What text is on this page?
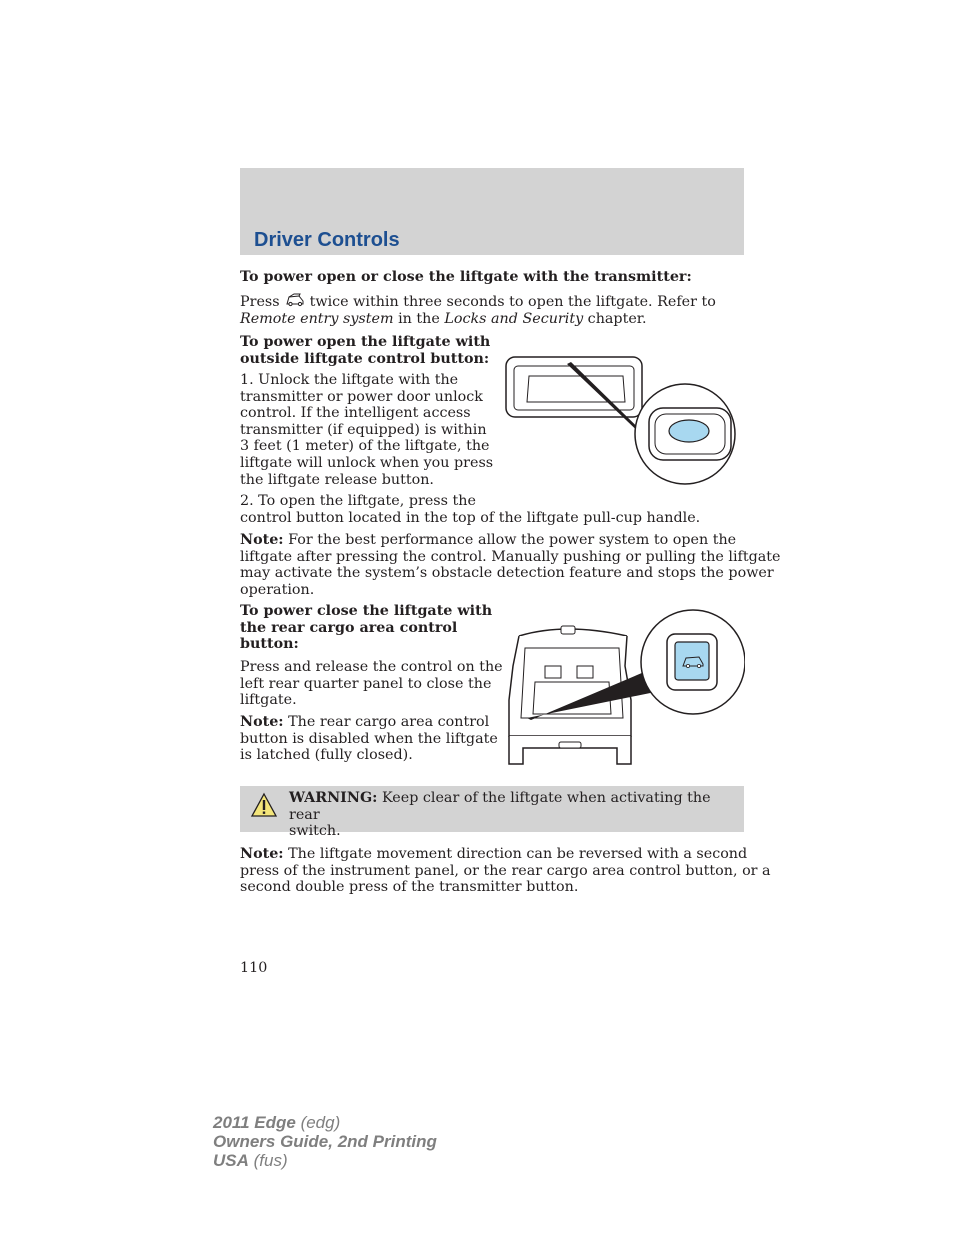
Driver Controls

To power open or close the liftgate with the transmitter:

Press twice within three seconds to open the liftgate. Refer to
Remote entry system in the Locks and Security chapter.

To power open the liftgate with
outside liftgate control button:

1. Unlock the liftgate with the
transmitter or power door unlock
control. If the intelligent access
transmitter (if equipped) is within
3 feet (1 meter) of the liftgate, the
liftgate will unlock when you press
the liftgate release button.

2. To open the liftgate, press the
control button located in the top of the liftgate pull-cup handle.

Note: For the best performance allow the power system to open the
liftgate after pressing the control. Manually pushing or pulling the liftgate
may activate the system’s obstacle detection feature and stops the power
operation.

To power close the liftgate with
the rear cargo area control
button:

Press and release the control on the
left rear quarter panel to close the
liftgate.

Note: The rear cargo area control
button is disabled when the liftgate
is latched (fully closed).

WARNING: Keep clear of the liftgate when activating the rear
switch.

Note: The liftgate movement direction can be reversed with a second
press of the instrument panel, or the rear cargo area control button, or a
second double press of the transmitter button.

110
2011 Edge (edg)
Owners Guide, 2nd Printing
USA (fus)
